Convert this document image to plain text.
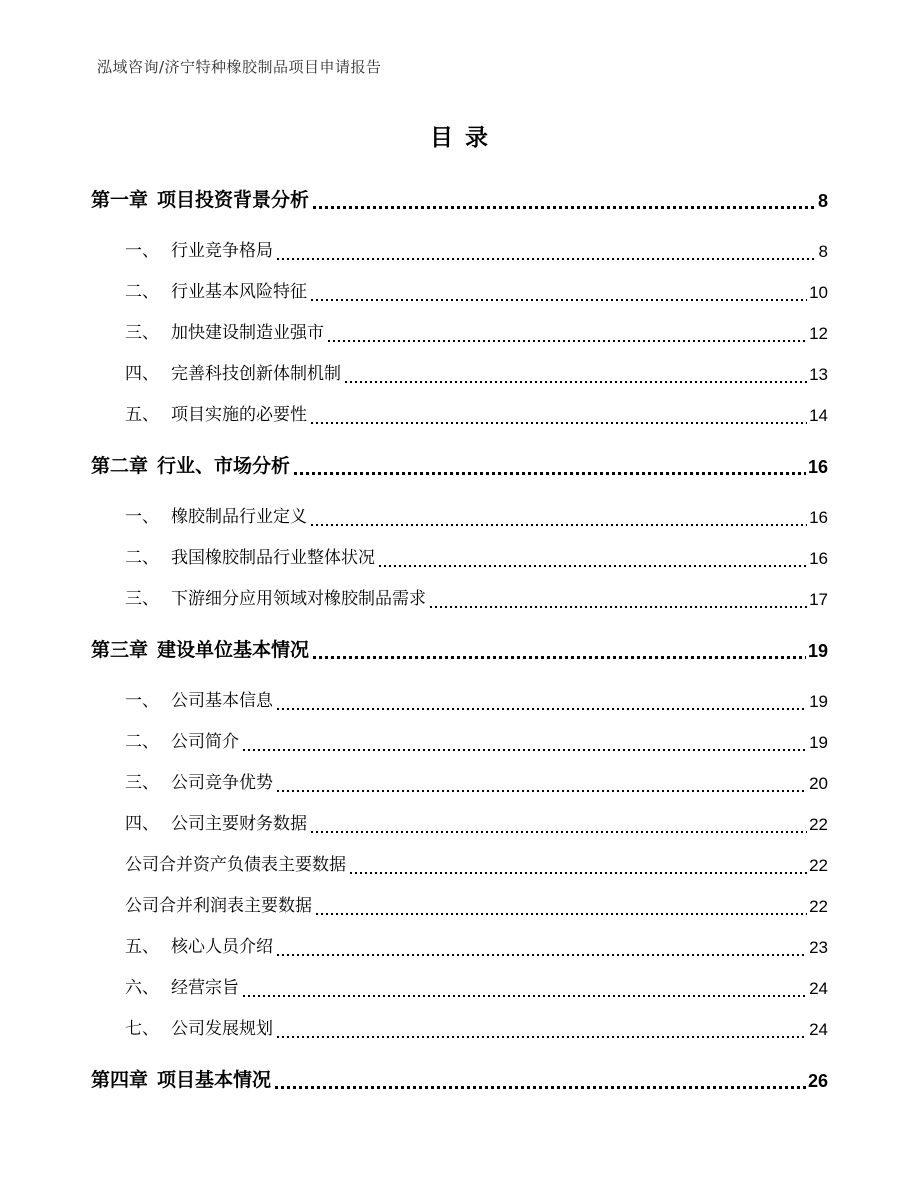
泓域咨询/济宁特种橡胶制品项目申请报告
目 录
第一章 项目投资背景分析	8
一、 行业竞争格局	8
二、 行业基本风险特征	10
三、 加快建设制造业强市	12
四、 完善科技创新体制机制	13
五、 项目实施的必要性	14
第二章 行业、市场分析	16
一、 橡胶制品行业定义	16
二、 我国橡胶制品行业整体状况	16
三、 下游细分应用领域对橡胶制品需求	17
第三章 建设单位基本情况	19
一、 公司基本信息	19
二、 公司简介	19
三、 公司竞争优势	20
四、 公司主要财务数据	22
公司合并资产负债表主要数据	22
公司合并利润表主要数据	22
五、 核心人员介绍	23
六、 经营宗旨	24
七、 公司发展规划	24
第四章 项目基本情况	26
